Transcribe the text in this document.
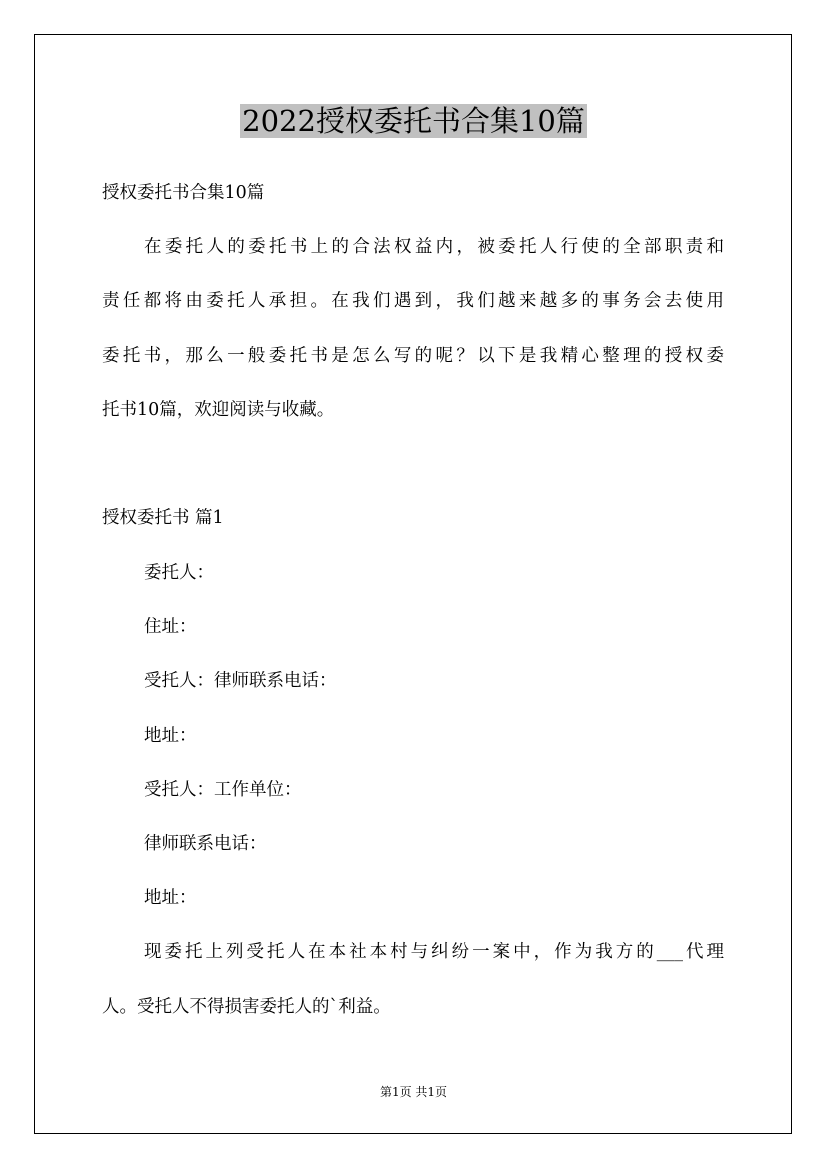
2022授权委托书合集10篇
授权委托书合集10篇
在委托人的委托书上的合法权益内，被委托人行使的全部职责和
责任都将由委托人承担。在我们遇到，我们越来越多的事务会去使用
委托书，那么一般委托书是怎么写的呢？以下是我精心整理的授权委
托书10篇，欢迎阅读与收藏。
授权委托书 篇1
委托人：
住址：
受托人：律师联系电话：
地址：
受托人：工作单位：
律师联系电话：
地址：
现委托上列受托人在本社本村与纠纷一案中，作为我方的___代理
人。受托人不得损害委托人的`利益。
第1页 共1页
